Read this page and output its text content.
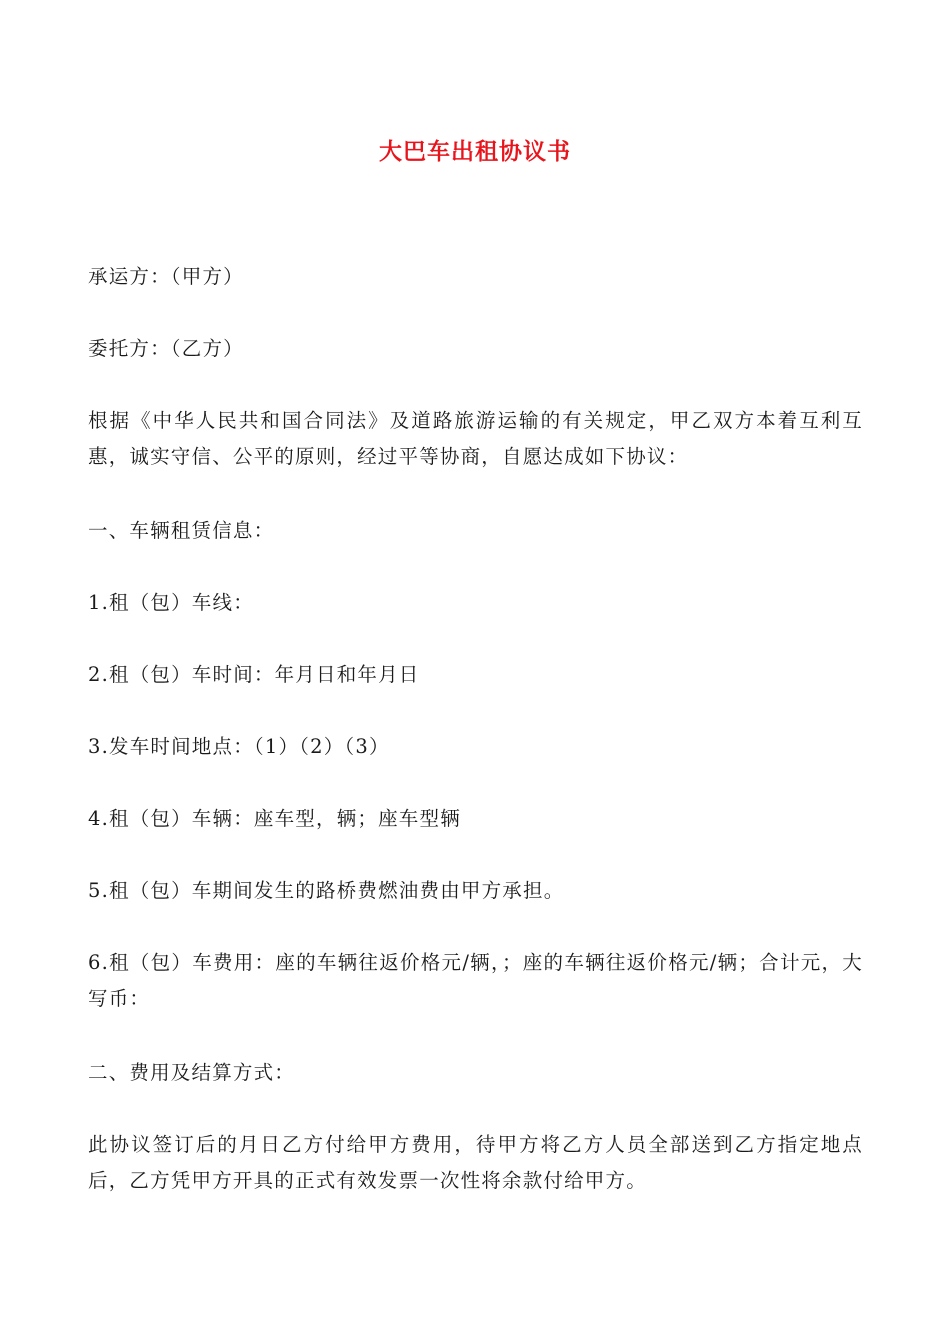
大巴车出租协议书

承运方：（甲方）

委托方：（乙方）

根据《中华人民共和国合同法》及道路旅游运输的有关规定，甲乙双方本着互利互惠，诚实守信、公平的原则，经过平等协商，自愿达成如下协议：

一、车辆租赁信息：

1.租（包）车线：

2.租（包）车时间：年月日和年月日

3.发车时间地点：（1）（2）（3）

4.租（包）车辆：座车型，辆；座车型辆

5.租（包）车期间发生的路桥费燃油费由甲方承担。

6.租（包）车费用：座的车辆往返价格元/辆，；座的车辆往返价格元/辆；合计元，大写币：

二、费用及结算方式：

此协议签订后的月日乙方付给甲方费用，待甲方将乙方人员全部送到乙方指定地点后，乙方凭甲方开具的正式有效发票一次性将余款付给甲方。
